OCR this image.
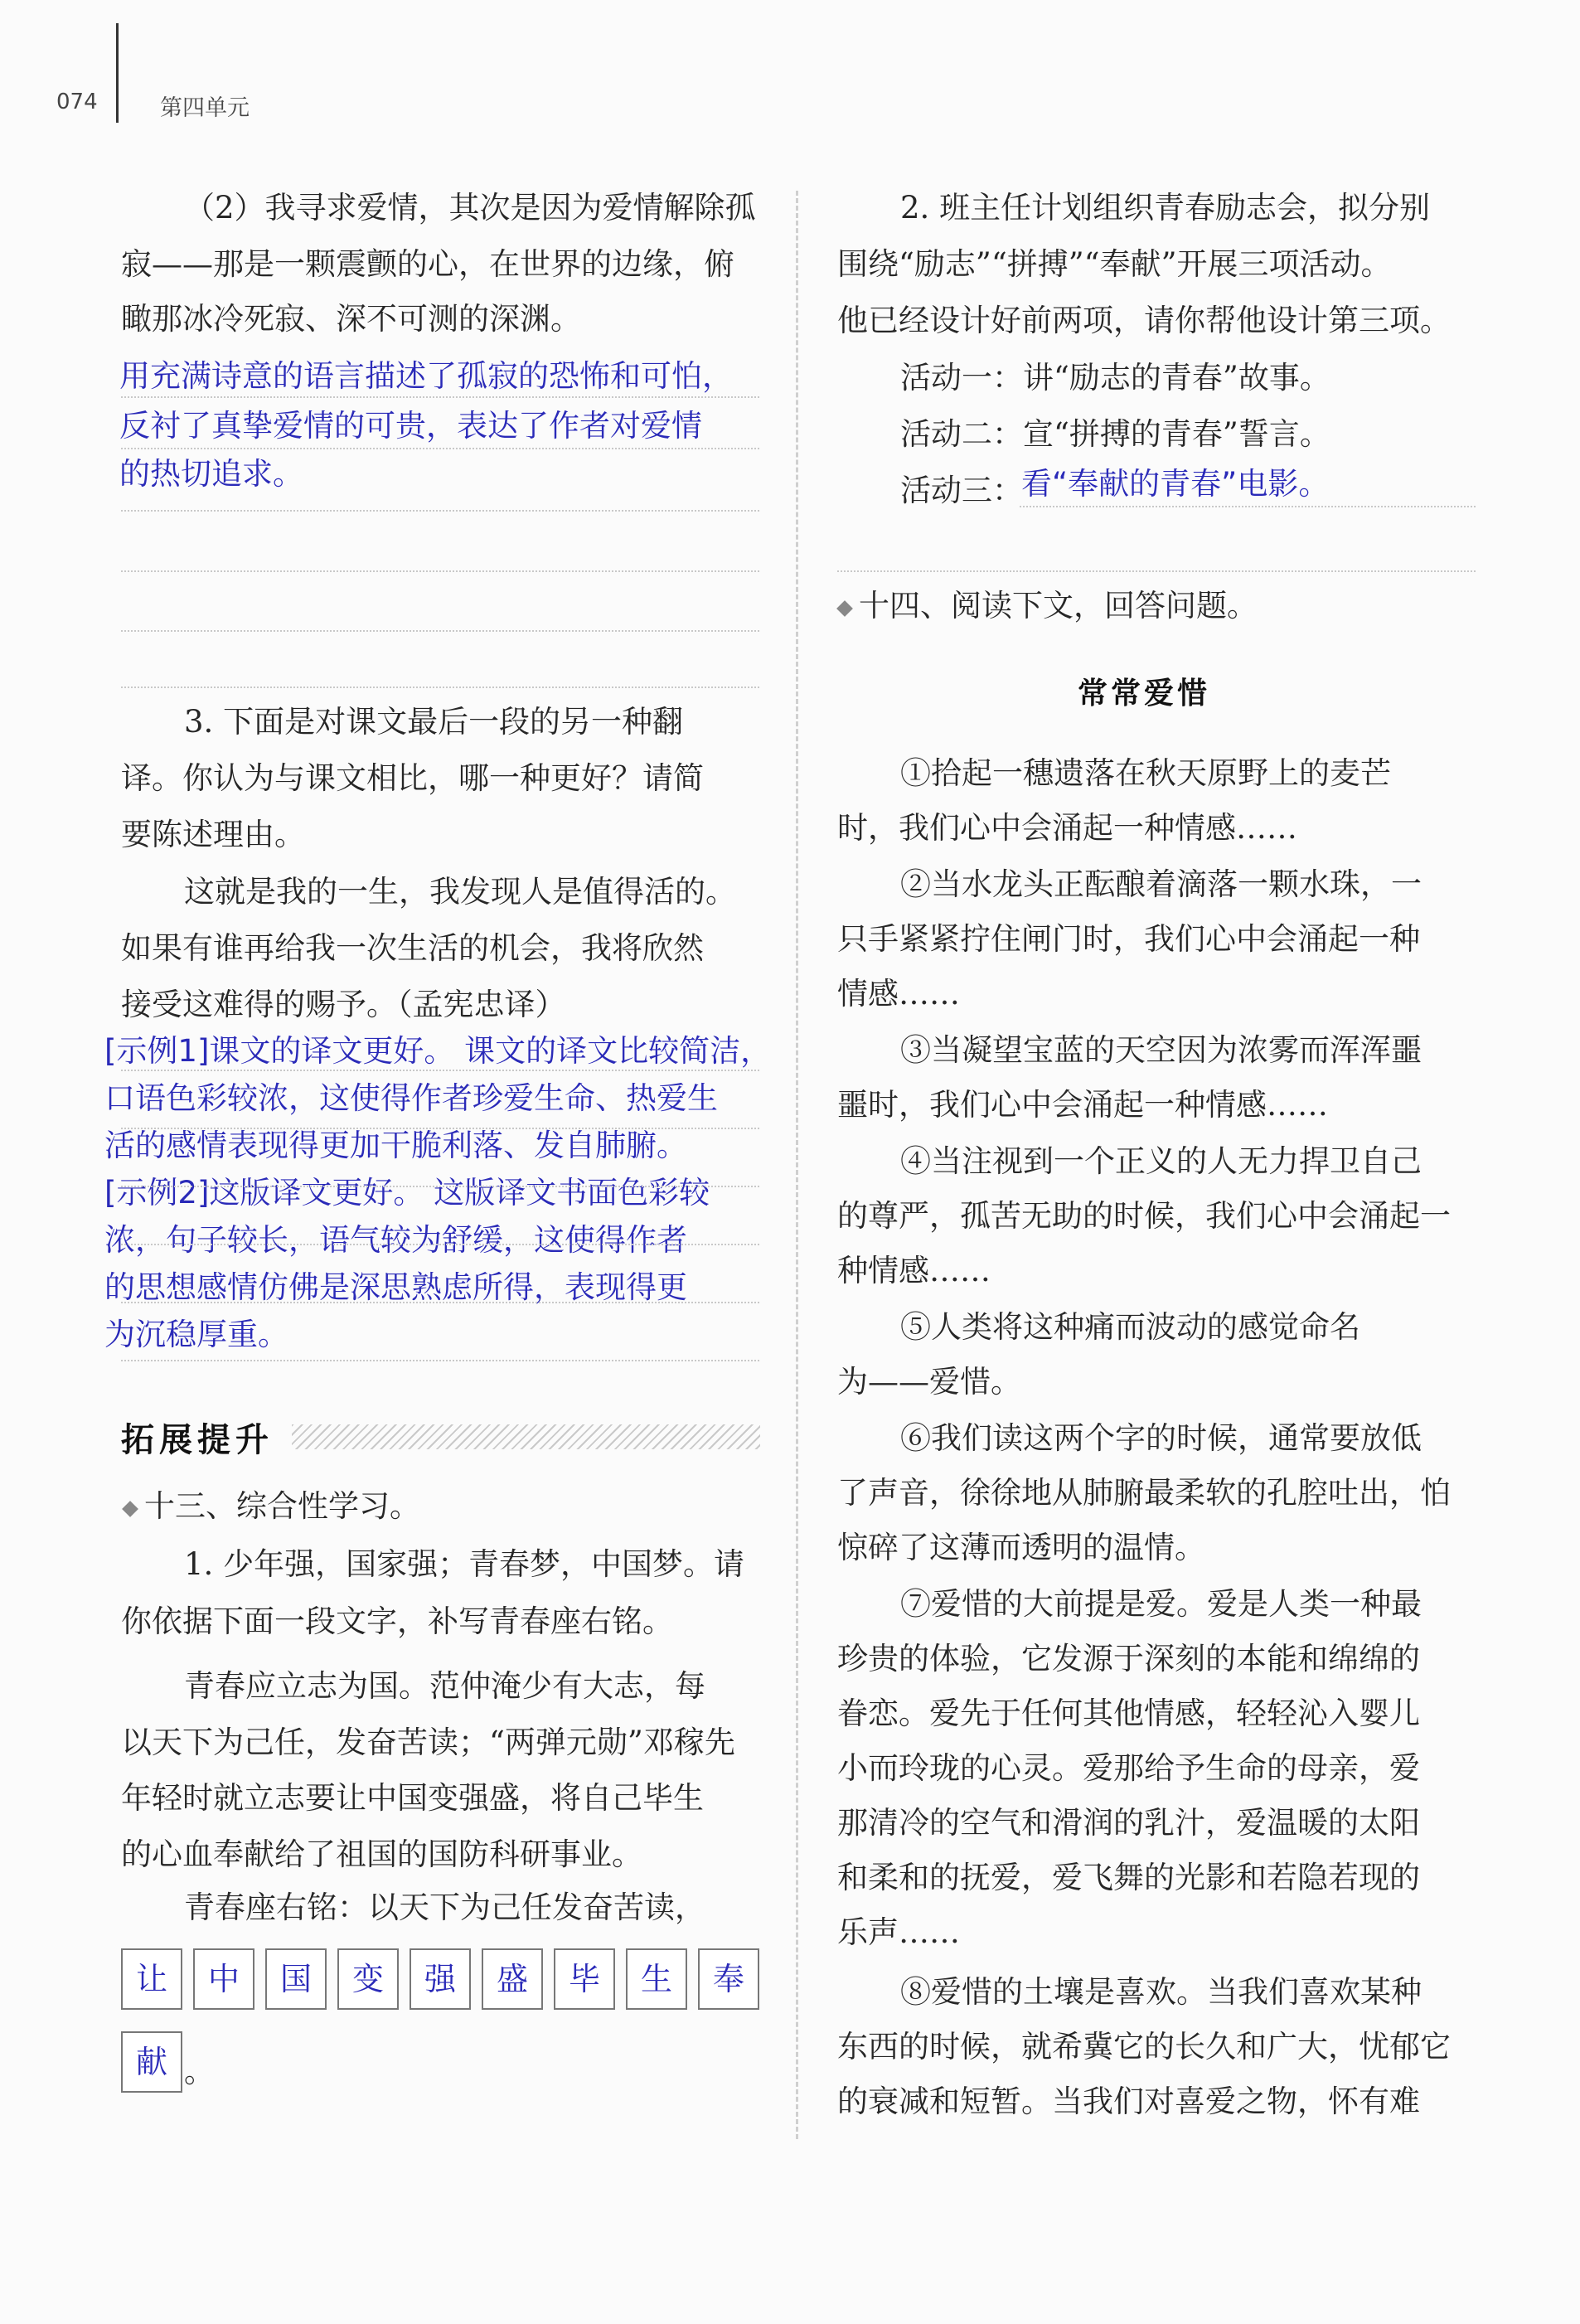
074	第四单元
（2）我寻求爱情，其次是因为爱情解除孤
寂——那是一颗震颤的心，在世界的边缘，俯
瞰那冰冷死寂、深不可测的深渊。
用充满诗意的语言描述了孤寂的恐怖和可怕，
反衬了真挚爱情的可贵，表达了作者对爱情
的热切追求。
3. 下面是对课文最后一段的另一种翻
译。你认为与课文相比，哪一种更好？请简
要陈述理由。
这就是我的一生，我发现人是值得活的。
如果有谁再给我一次生活的机会，我将欣然
接受这难得的赐予。（孟宪忠译）
[示例1]课文的译文更好。 课文的译文比较简洁，
口语色彩较浓，这使得作者珍爱生命、热爱生
活的感情表现得更加干脆利落、发自肺腑。
[示例2]这版译文更好。 这版译文书面色彩较
浓，句子较长，语气较为舒缓，这使得作者
的思想感情仿佛是深思熟虑所得，表现得更
为沉稳厚重。
拓展提升
十三、综合性学习。
1. 少年强，国家强；青春梦，中国梦。请
你依据下面一段文字，补写青春座右铭。
青春应立志为国。范仲淹少有大志，每
以天下为己任，发奋苦读；“两弹元勋”邓稼先
年轻时就立志要让中国变强盛，将自己毕生
的心血奉献给了祖国的国防科研事业。
青春座右铭：以天下为己任发奋苦读，
让	中	国	变	强	盛	毕	生	奉
献 。
2. 班主任计划组织青春励志会，拟分别
围绕“励志”“拼搏”“奉献”开展三项活动。
他已经设计好前两项，请你帮他设计第三项。
活动一：讲“励志的青春”故事。
活动二：宣“拼搏的青春”誓言。
活动三：
看“奉献的青春”电影。
十四、阅读下文，回答问题。
常常爱惜
①拾起一穗遗落在秋天原野上的麦芒
时，我们心中会涌起一种情感……
②当水龙头正酝酿着滴落一颗水珠，一
只手紧紧拧住闸门时，我们心中会涌起一种
情感……
③当凝望宝蓝的天空因为浓雾而浑浑噩
噩时，我们心中会涌起一种情感……
④当注视到一个正义的人无力捍卫自己
的尊严，孤苦无助的时候，我们心中会涌起一
种情感……
⑤人类将这种痛而波动的感觉命名
为——爱惜。
⑥我们读这两个字的时候，通常要放低
了声音，徐徐地从肺腑最柔软的孔腔吐出，怕
惊碎了这薄而透明的温情。
⑦爱惜的大前提是爱。爱是人类一种最
珍贵的体验，它发源于深刻的本能和绵绵的
眷恋。爱先于任何其他情感，轻轻沁入婴儿
小而玲珑的心灵。爱那给予生命的母亲，爱
那清冷的空气和滑润的乳汁，爱温暖的太阳
和柔和的抚爱，爱飞舞的光影和若隐若现的
乐声……
⑧爱惜的土壤是喜欢。当我们喜欢某种
东西的时候，就希冀它的长久和广大，忧郁它
的衰减和短暂。当我们对喜爱之物，怀有难
